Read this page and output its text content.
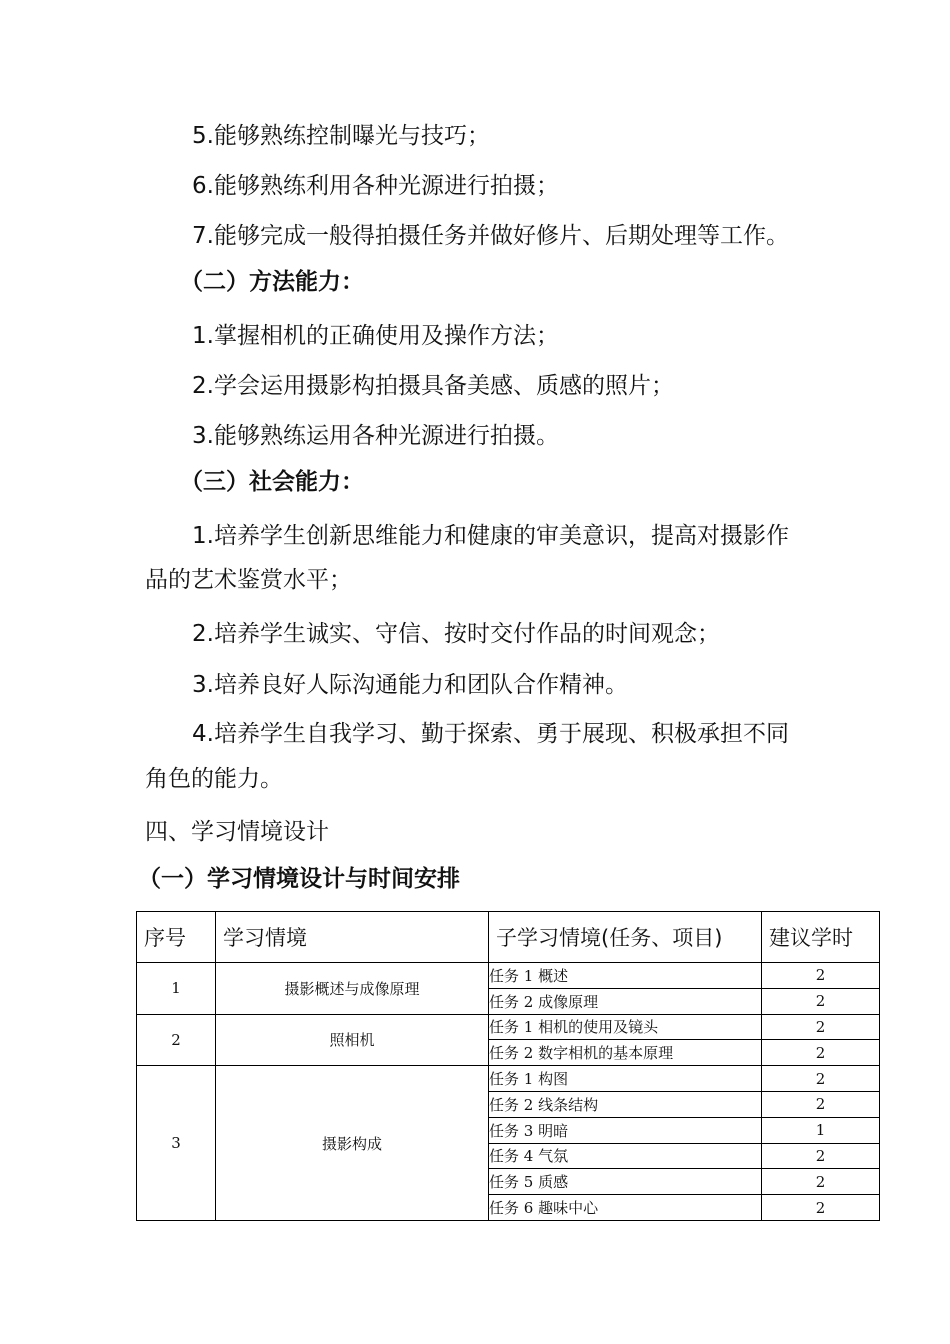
5.能够熟练控制曝光与技巧；
6.能够熟练利用各种光源进行拍摄；
7.能够完成一般得拍摄任务并做好修片、后期处理等工作。
（二）方法能力：
1.掌握相机的正确使用及操作方法；
2.学会运用摄影构拍摄具备美感、质感的照片；
3.能够熟练运用各种光源进行拍摄。
（三）社会能力：
1.培养学生创新思维能力和健康的审美意识，提高对摄影作
品的艺术鉴赏水平；
2.培养学生诚实、守信、按时交付作品的时间观念；
3.培养良好人际沟通能力和团队合作精神。
4.培养学生自我学习、勤于探索、勇于展现、积极承担不同
角色的能力。
四、学习情境设计
（一）学习情境设计与时间安排
序号	学习情境	子学习情境(任务、项目)	建议学时
1	摄影概述与成像原理	任务 1 概述	2
		任务 2 成像原理	2
2	照相机	任务 1 相机的使用及镜头	2
		任务 2 数字相机的基本原理	2
3	摄影构成	任务 1 构图	2
		任务 2 线条结构	2
		任务 3 明暗	1
		任务 4 气氛	2
		任务 5 质感	2
		任务 6 趣味中心	2
